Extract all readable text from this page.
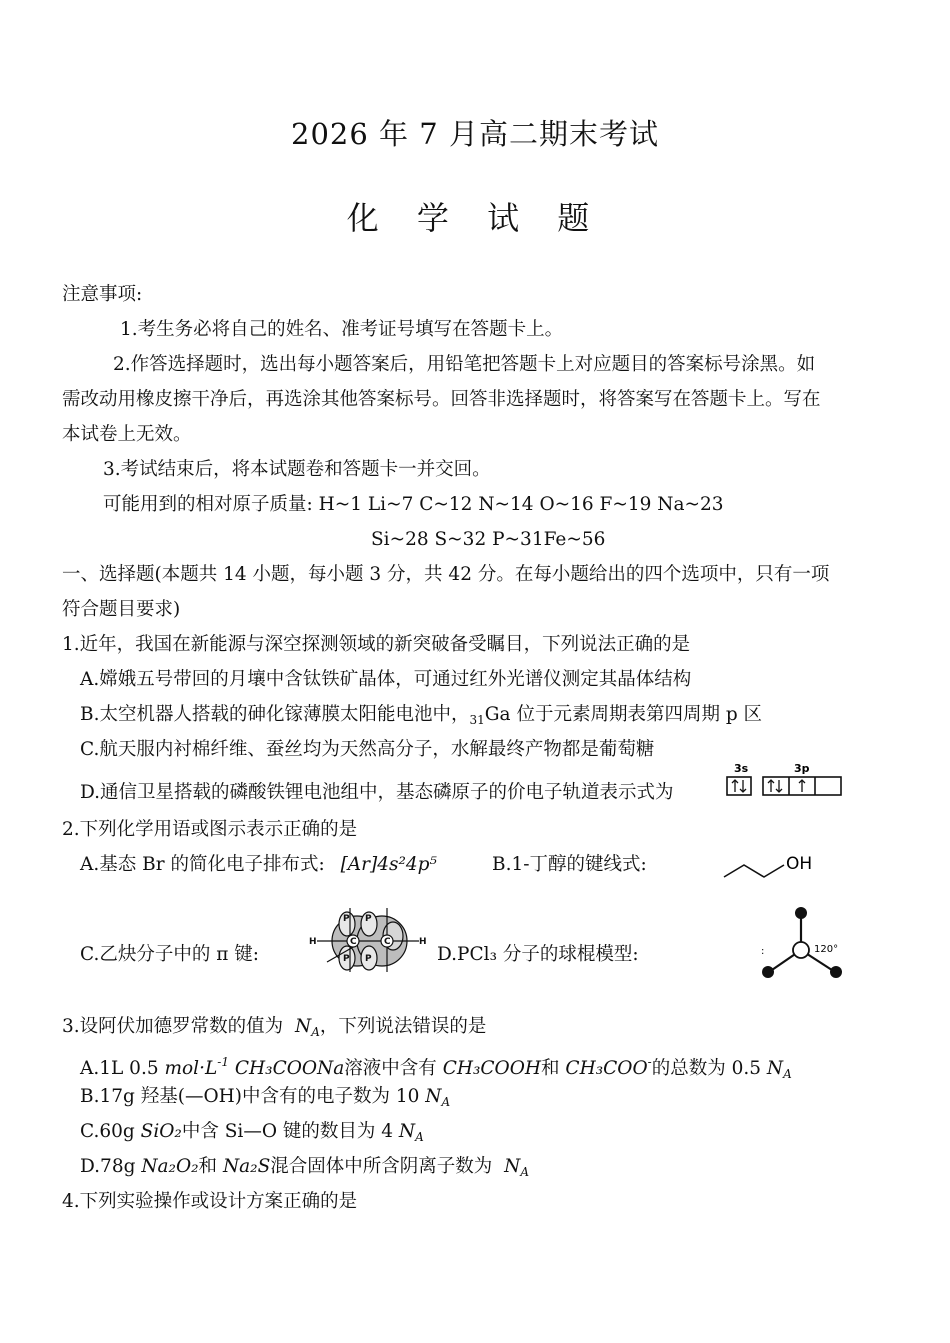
2026 年 7 月高二期末考试
化 学 试 题
注意事项:
1.考生务必将自己的姓名、准考证号填写在答题卡上。
2.作答选择题时，选出每小题答案后，用铅笔把答题卡上对应题目的答案标号涂黑。如
需改动用橡皮擦干净后，再选涂其他答案标号。回答非选择题时，将答案写在答题卡上。写在
本试卷上无效。
3.考试结束后，将本试题卷和答题卡一并交回。
可能用到的相对原子质量: H~1 Li~7 C~12 N~14 O~16 F~19 Na~23
Si~28 S~32 P~31Fe~56
一、选择题(本题共 14 小题，每小题 3 分，共 42 分。在每小题给出的四个选项中，只有一项
符合题目要求)
1.近年，我国在新能源与深空探测领域的新突破备受瞩目，下列说法正确的是
A.嫦娥五号带回的月壤中含钛铁矿晶体，可通过红外光谱仪测定其晶体结构
B.太空机器人搭载的砷化镓薄膜太阳能电池中，$_{31}$Ga 位于元素周期表第四周期 p 区
C.航天服内衬棉纤维、蚕丝均为天然高分子，水解最终产物都是葡萄糖
D.通信卫星搭载的磷酸铁锂电池组中，基态磷原子的价电子轨道表示式为
3s	3p
2.下列化学用语或图示表示正确的是
A.基态 Br 的简化电子排布式: [Ar]4s²4p⁵	B.1-丁醇的键线式:	OH
C.乙炔分子中的 π 键:
H	C	C	H
P P
P P	D.PCl₃ 分子的球棍模型:	120°
:
3.设阿伏加德罗常数的值为 $N_A$，下列说法错误的是
A.1L 0.5 $mol\cdot L^{-1}$ CH₃COONa溶液中含有 CH₃COOH和 CH₃COO-的总数为 0.5 $N_A$
B.17g 羟基(—OH)中含有的电子数为 10 $N_A$
C.60g SiO₂中含 Si—O 键的数目为 4 $N_A$
D.78g Na₂O₂和 Na₂S混合固体中所含阴离子数为 $N_A$
4.下列实验操作或设计方案正确的是
